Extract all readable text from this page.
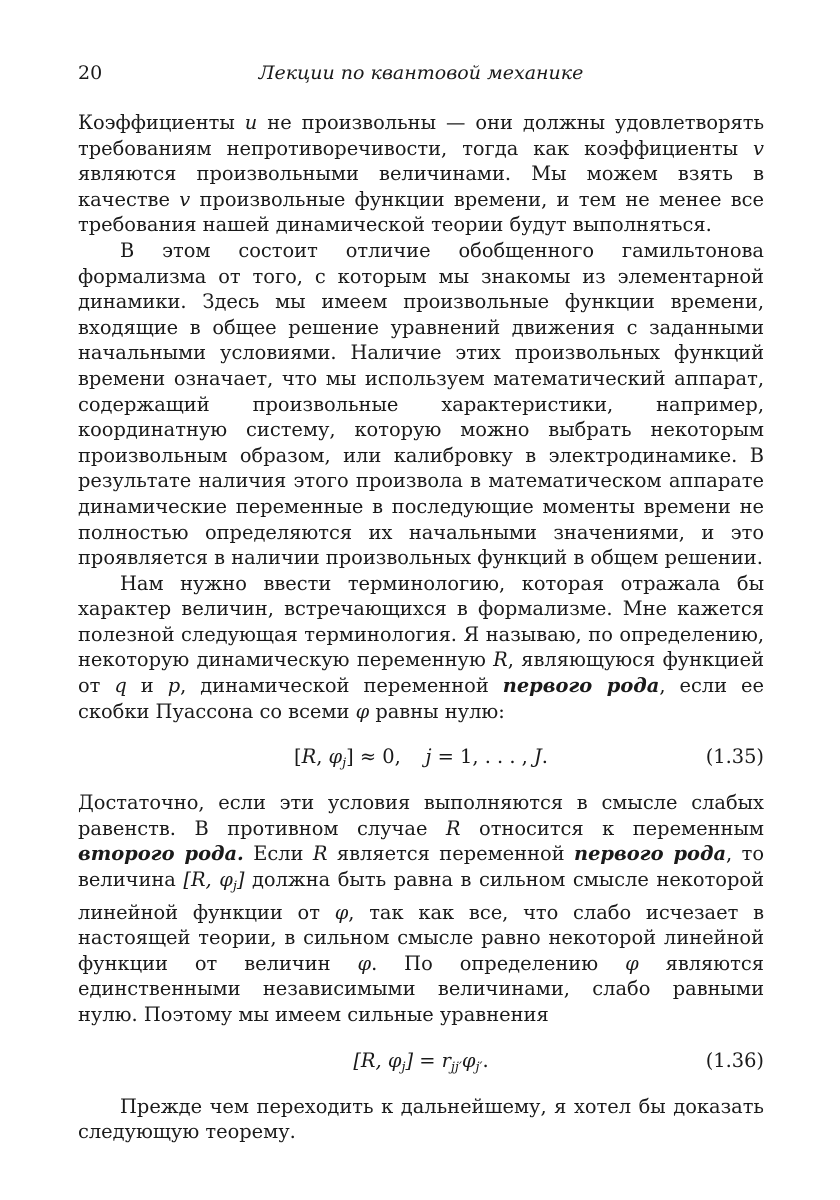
20	Лекции по квантовой механике

Коэффициенты u не произвольны — они должны удовлетворять требованиям непротиворечивости, тогда как коэффициенты v являются произвольными величинами. Мы можем взять в качестве v произвольные функции времени, и тем не менее все требования нашей динамической теории будут выполняться.

В этом состоит отличие обобщенного гамильтонова формализма от того, с которым мы знакомы из элементарной динамики. Здесь мы имеем произвольные функции времени, входящие в общее решение уравнений движения с заданными начальными условиями. Наличие этих произвольных функций времени означает, что мы используем математический аппарат, содержащий произвольные характеристики, например, координатную систему, которую можно выбрать некоторым произвольным образом, или калибровку в электродинамике. В результате наличия этого произвола в математическом аппарате динамические переменные в последующие моменты времени не полностью определяются их начальными значениями, и это проявляется в наличии произвольных функций в общем решении.

Нам нужно ввести терминологию, которая отражала бы характер величин, встречающихся в формализме. Мне кажется полезной следующая терминология. Я называю, по определению, некоторую динамическую переменную R, являющуюся функцией от q и p, динамической переменной первого рода, если ее скобки Пуассона со всеми φ равны нулю:

[R, $\varphi_j] \approx 0$, j = 1, . . . , J.	(1.35)

Достаточно, если эти условия выполняются в смысле слабых равенств. В противном случае R относится к переменным второго рода. Если R является переменной первого рода, то величина [R, $\varphi_j$] должна быть равна в сильном смысле некоторой линейной функции от φ, так как все, что слабо исчезает в настоящей теории, в сильном смысле равно некоторой линейной функции от величин φ. По определению φ являются единственными независимыми величинами, слабо равными нулю. Поэтому мы имеем сильные уравнения

[R, $\varphi_j] = r_{jj'}\varphi_{j'}$.	(1.36)

Прежде чем переходить к дальнейшему, я хотел бы доказать следующую теорему.
